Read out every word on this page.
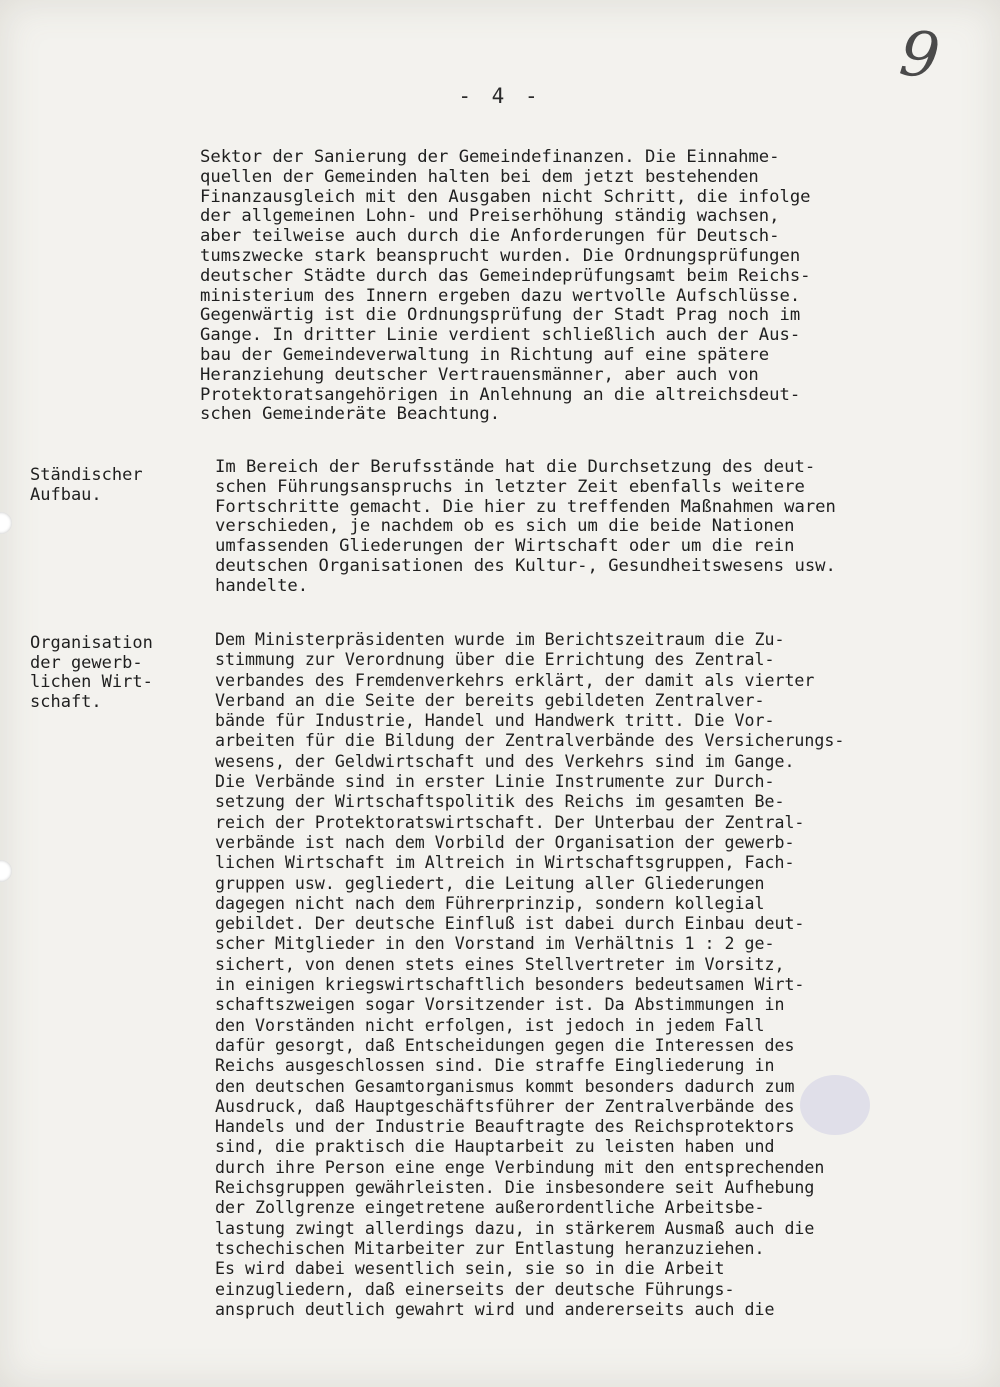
9
- 4 -
Sektor der Sanierung der Gemeindefinanzen. Die Einnahme-
quellen der Gemeinden halten bei dem jetzt bestehenden
Finanzausgleich mit den Ausgaben nicht Schritt, die infolge
der allgemeinen Lohn- und Preiserhöhung ständig wachsen,
aber teilweise auch durch die Anforderungen für Deutsch-
tumszwecke stark beansprucht wurden. Die Ordnungsprüfungen
deutscher Städte durch das Gemeindeprüfungsamt beim Reichs-
ministerium des Innern ergeben dazu wertvolle Aufschlüsse.
Gegenwärtig ist die Ordnungsprüfung der Stadt Prag noch im
Gange. In dritter Linie verdient schließlich auch der Aus-
bau der Gemeindeverwaltung in Richtung auf eine spätere
Heranziehung deutscher Vertrauensmänner, aber auch von
Protektoratsangehörigen in Anlehnung an die altreichsdeut-
schen Gemeinderäte Beachtung.
Ständischer
Aufbau.
Im Bereich der Berufsstände hat die Durchsetzung des deut-
schen Führungsanspruchs in letzter Zeit ebenfalls weitere
Fortschritte gemacht. Die hier zu treffenden Maßnahmen waren
verschieden, je nachdem ob es sich um die beide Nationen
umfassenden Gliederungen der Wirtschaft oder um die rein
deutschen Organisationen des Kultur-, Gesundheitswesens usw.
handelte.
Organisation
der gewerb-
lichen Wirt-
schaft.
Dem Ministerpräsidenten wurde im Berichtszeitraum die Zu-
stimmung zur Verordnung über die Errichtung des Zentral-
verbandes des Fremdenverkehrs erklärt, der damit als vierter
Verband an die Seite der bereits gebildeten Zentralver-
bände für Industrie, Handel und Handwerk tritt. Die Vor-
arbeiten für die Bildung der Zentralverbände des Versicherungs-
wesens, der Geldwirtschaft und des Verkehrs sind im Gange.
Die Verbände sind in erster Linie Instrumente zur Durch-
setzung der Wirtschaftspolitik des Reichs im gesamten Be-
reich der Protektoratswirtschaft. Der Unterbau der Zentral-
verbände ist nach dem Vorbild der Organisation der gewerb-
lichen Wirtschaft im Altreich in Wirtschaftsgruppen, Fach-
gruppen usw. gegliedert, die Leitung aller Gliederungen
dagegen nicht nach dem Führerprinzip, sondern kollegial
gebildet. Der deutsche Einfluß ist dabei durch Einbau deut-
scher Mitglieder in den Vorstand im Verhältnis 1 : 2 ge-
sichert, von denen stets eines Stellvertreter im Vorsitz,
in einigen kriegswirtschaftlich besonders bedeutsamen Wirt-
schaftszweigen sogar Vorsitzender ist. Da Abstimmungen in
den Vorständen nicht erfolgen, ist jedoch in jedem Fall
dafür gesorgt, daß Entscheidungen gegen die Interessen des
Reichs ausgeschlossen sind. Die straffe Eingliederung in
den deutschen Gesamtorganismus kommt besonders dadurch zum
Ausdruck, daß Hauptgeschäftsführer der Zentralverbände des
Handels und der Industrie Beauftragte des Reichsprotektors
sind, die praktisch die Hauptarbeit zu leisten haben und
durch ihre Person eine enge Verbindung mit den entsprechenden
Reichsgruppen gewährleisten. Die insbesondere seit Aufhebung
der Zollgrenze eingetretene außerordentliche Arbeitsbe-
lastung zwingt allerdings dazu, in stärkerem Ausmaß auch die
tschechischen Mitarbeiter zur Entlastung heranzuziehen.
Es wird dabei wesentlich sein, sie so in die Arbeit
einzugliedern, daß einerseits der deutsche Führungs-
anspruch deutlich gewahrt wird und andererseits auch die
